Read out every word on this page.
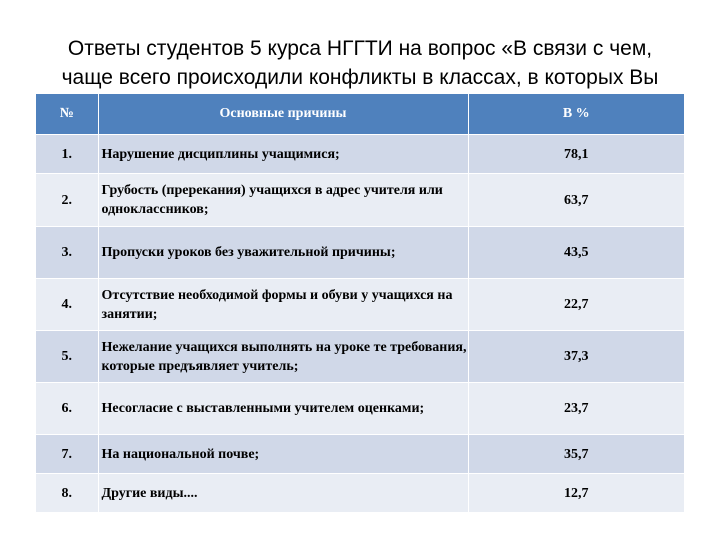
Ответы студентов 5 курса НГГТИ на вопрос «В связи с чем,
чаще всего происходили конфликты в классах, в которых Вы
№	Основные причины	В %
1.	Нарушение дисциплины учащимися;	78,1
2.	Грубость (пререкания) учащихся в адрес учителя или одноклассников;	63,7
3.	Пропуски уроков без уважительной причины;	43,5
4.	Отсутствие необходимой формы и обуви у учащихся на занятии;	22,7
5.	Нежелание учащихся выполнять на уроке те требования, которые предъявляет учитель;	37,3
6.	Несогласие с выставленными учителем оценками;	23,7
7.	На национальной почве;	35,7
8.	Другие виды....	12,7
